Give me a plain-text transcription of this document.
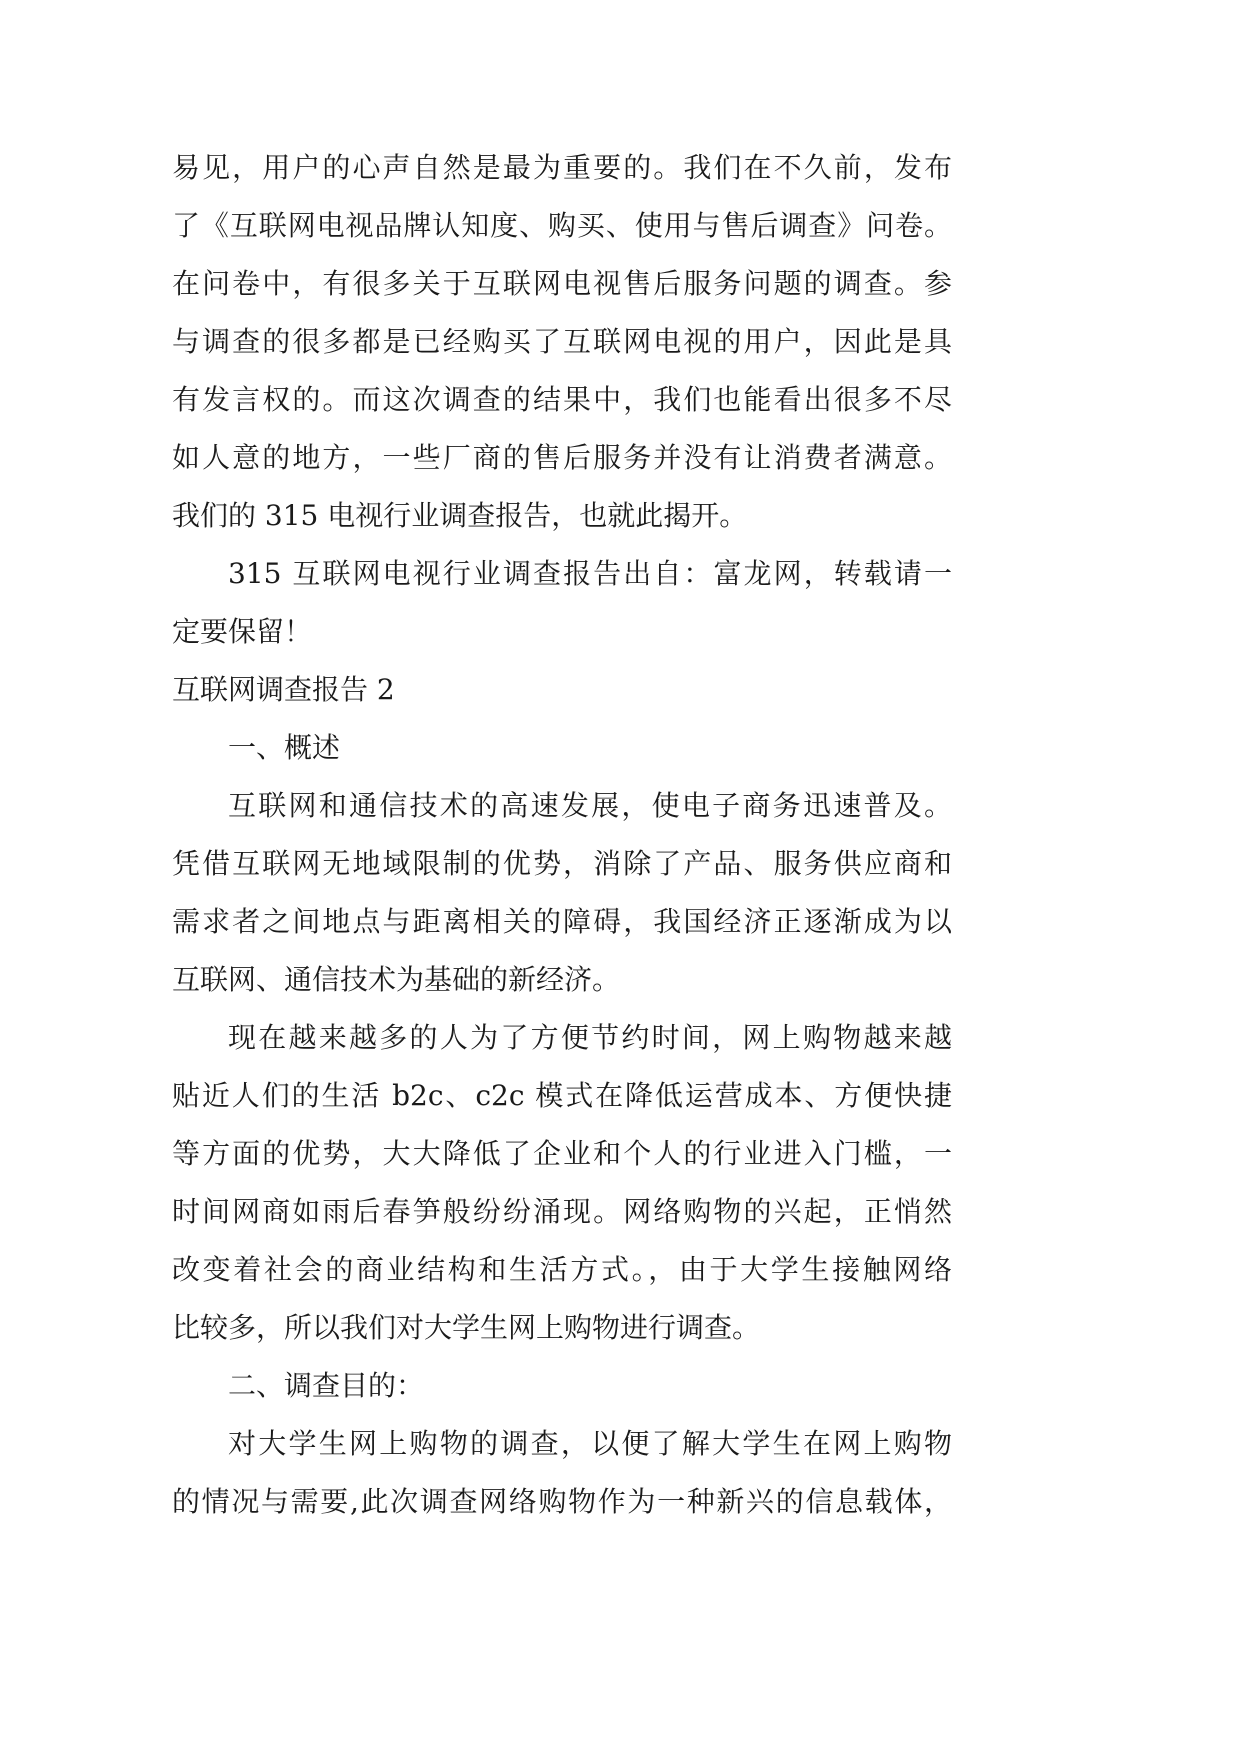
易见，用户的心声自然是最为重要的。我们在不久前，发布
了《互联网电视品牌认知度、购买、使用与售后调查》问卷。
在问卷中，有很多关于互联网电视售后服务问题的调查。参
与调查的很多都是已经购买了互联网电视的用户，因此是具
有发言权的。而这次调查的结果中，我们也能看出很多不尽
如人意的地方，一些厂商的售后服务并没有让消费者满意。
我们的 315 电视行业调查报告，也就此揭开。
315 互联网电视行业调查报告出自：富龙网，转载请一
定要保留！
互联网调查报告 2
一、概述
互联网和通信技术的高速发展，使电子商务迅速普及。
凭借互联网无地域限制的优势，消除了产品、服务供应商和
需求者之间地点与距离相关的障碍，我国经济正逐渐成为以
互联网、通信技术为基础的新经济。
现在越来越多的人为了方便节约时间，网上购物越来越
贴近人们的生活 b2c、c2c 模式在降低运营成本、方便快捷
等方面的优势，大大降低了企业和个人的行业进入门槛，一
时间网商如雨后春笋般纷纷涌现。网络购物的兴起，正悄然
改变着社会的商业结构和生活方式。，由于大学生接触网络
比较多，所以我们对大学生网上购物进行调查。
二、调查目的：
对大学生网上购物的调查，以便了解大学生在网上购物
的情况与需要,此次调查网络购物作为一种新兴的信息载体，
